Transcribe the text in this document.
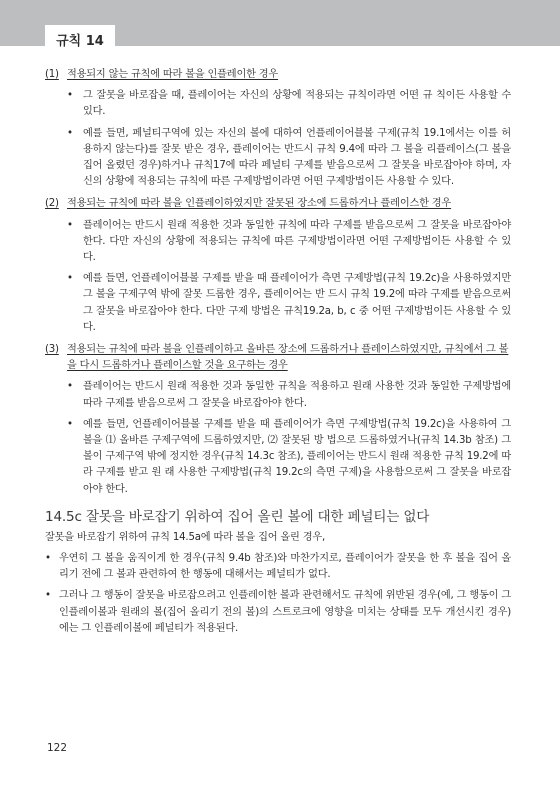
규칙 14
(1) 적용되지 않는 규칙에 따라 볼을 인플레이한 경우
• 그 잘못을 바로잡을 때, 플레이어는 자신의 상황에 적용되는 규칙이라면 어떤 규 칙이든 사용할 수 있다.
• 예를 들면, 페널티구역에 있는 자신의 볼에 대하여 언플레이어블볼 구제(규칙 19.1에서는 이를 허용하지 않는다)를 잘못 받은 경우, 플레이어는 반드시 규칙 9.4에 따라 그 볼을 리플레이스(그 볼을 집어 올렸던 경우)하거나 규칙17에 따라 페널티 구제를 받음으로써 그 잘못을 바로잡아야 하며, 자신의 상황에 적용되는 규칙에 따른 구제방법이라면 어떤 구제방법이든 사용할 수 있다.
(2) 적용되는 규칙에 따라 볼을 인플레이하였지만 잘못된 장소에 드롭하거나 플레이스한 경우
• 플레이어는 반드시 원래 적용한 것과 동일한 규칙에 따라 구제를 받음으로써 그 잘못을 바로잡아야 한다. 다만 자신의 상황에 적용되는 규칙에 따른 구제방법이라면 어떤 구제방법이든 사용할 수 있다.
• 예를 들면, 언플레이어블볼 구제를 받을 때 플레이어가 측면 구제방법(규칙 19.2c)을 사용하였지만 그 볼을 구제구역 밖에 잘못 드롭한 경우, 플레이어는 반 드시 규칙 19.2에 따라 구제를 받음으로써 그 잘못을 바로잡아야 한다. 다만 구제 방법은 규칙19.2a, b, c 중 어떤 구제방법이든 사용할 수 있다.
(3) 적용되는 규칙에 따라 볼을 인플레이하고 올바른 장소에 드롭하거나 플레이스하였지만, 규칙에서 그 볼을 다시 드롭하거나 플레이스할 것을 요구하는 경우
• 플레이어는 반드시 원래 적용한 것과 동일한 규칙을 적용하고 원래 사용한 것과 동일한 구제방법에 따라 구제를 받음으로써 그 잘못을 바로잡아야 한다.
• 예를 들면, 언플레이어블볼 구제를 받을 때 플레이어가 측면 구제방법(규칙 19.2c)을 사용하여 그 볼을 ⑴ 올바른 구제구역에 드롭하였지만, ⑵ 잘못된 방 법으로 드롭하였거나(규칙 14.3b 참조) 그 볼이 구제구역 밖에 정지한 경우(규칙 14.3c 참조), 플레이어는 반드시 원래 적용한 규칙 19.2에 따라 구제를 받고 원 래 사용한 구제방법(규칙 19.2c의 측면 구제)을 사용함으로써 그 잘못을 바로잡 아야 한다.
14.5c 잘못을 바로잡기 위하여 집어 올린 볼에 대한 페널티는 없다
잘못을 바로잡기 위하여 규칙 14.5a에 따라 볼을 집어 올린 경우,
• 우연히 그 볼을 움직이게 한 경우(규칙 9.4b 참조)와 마찬가지로, 플레이어가 잘못을 한 후 볼을 집어 올리기 전에 그 볼과 관련하여 한 행동에 대해서는 페널티가 없다.
• 그러나 그 행동이 잘못을 바로잡으려고 인플레이한 볼과 관련해서도 규칙에 위반된 경우(예, 그 행동이 그 인플레이볼과 원래의 볼(집어 올리기 전의 볼)의 스트로크에 영향을 미치는 상태를 모두 개선시킨 경우)에는 그 인플레이볼에 페널티가 적용된다.
122
